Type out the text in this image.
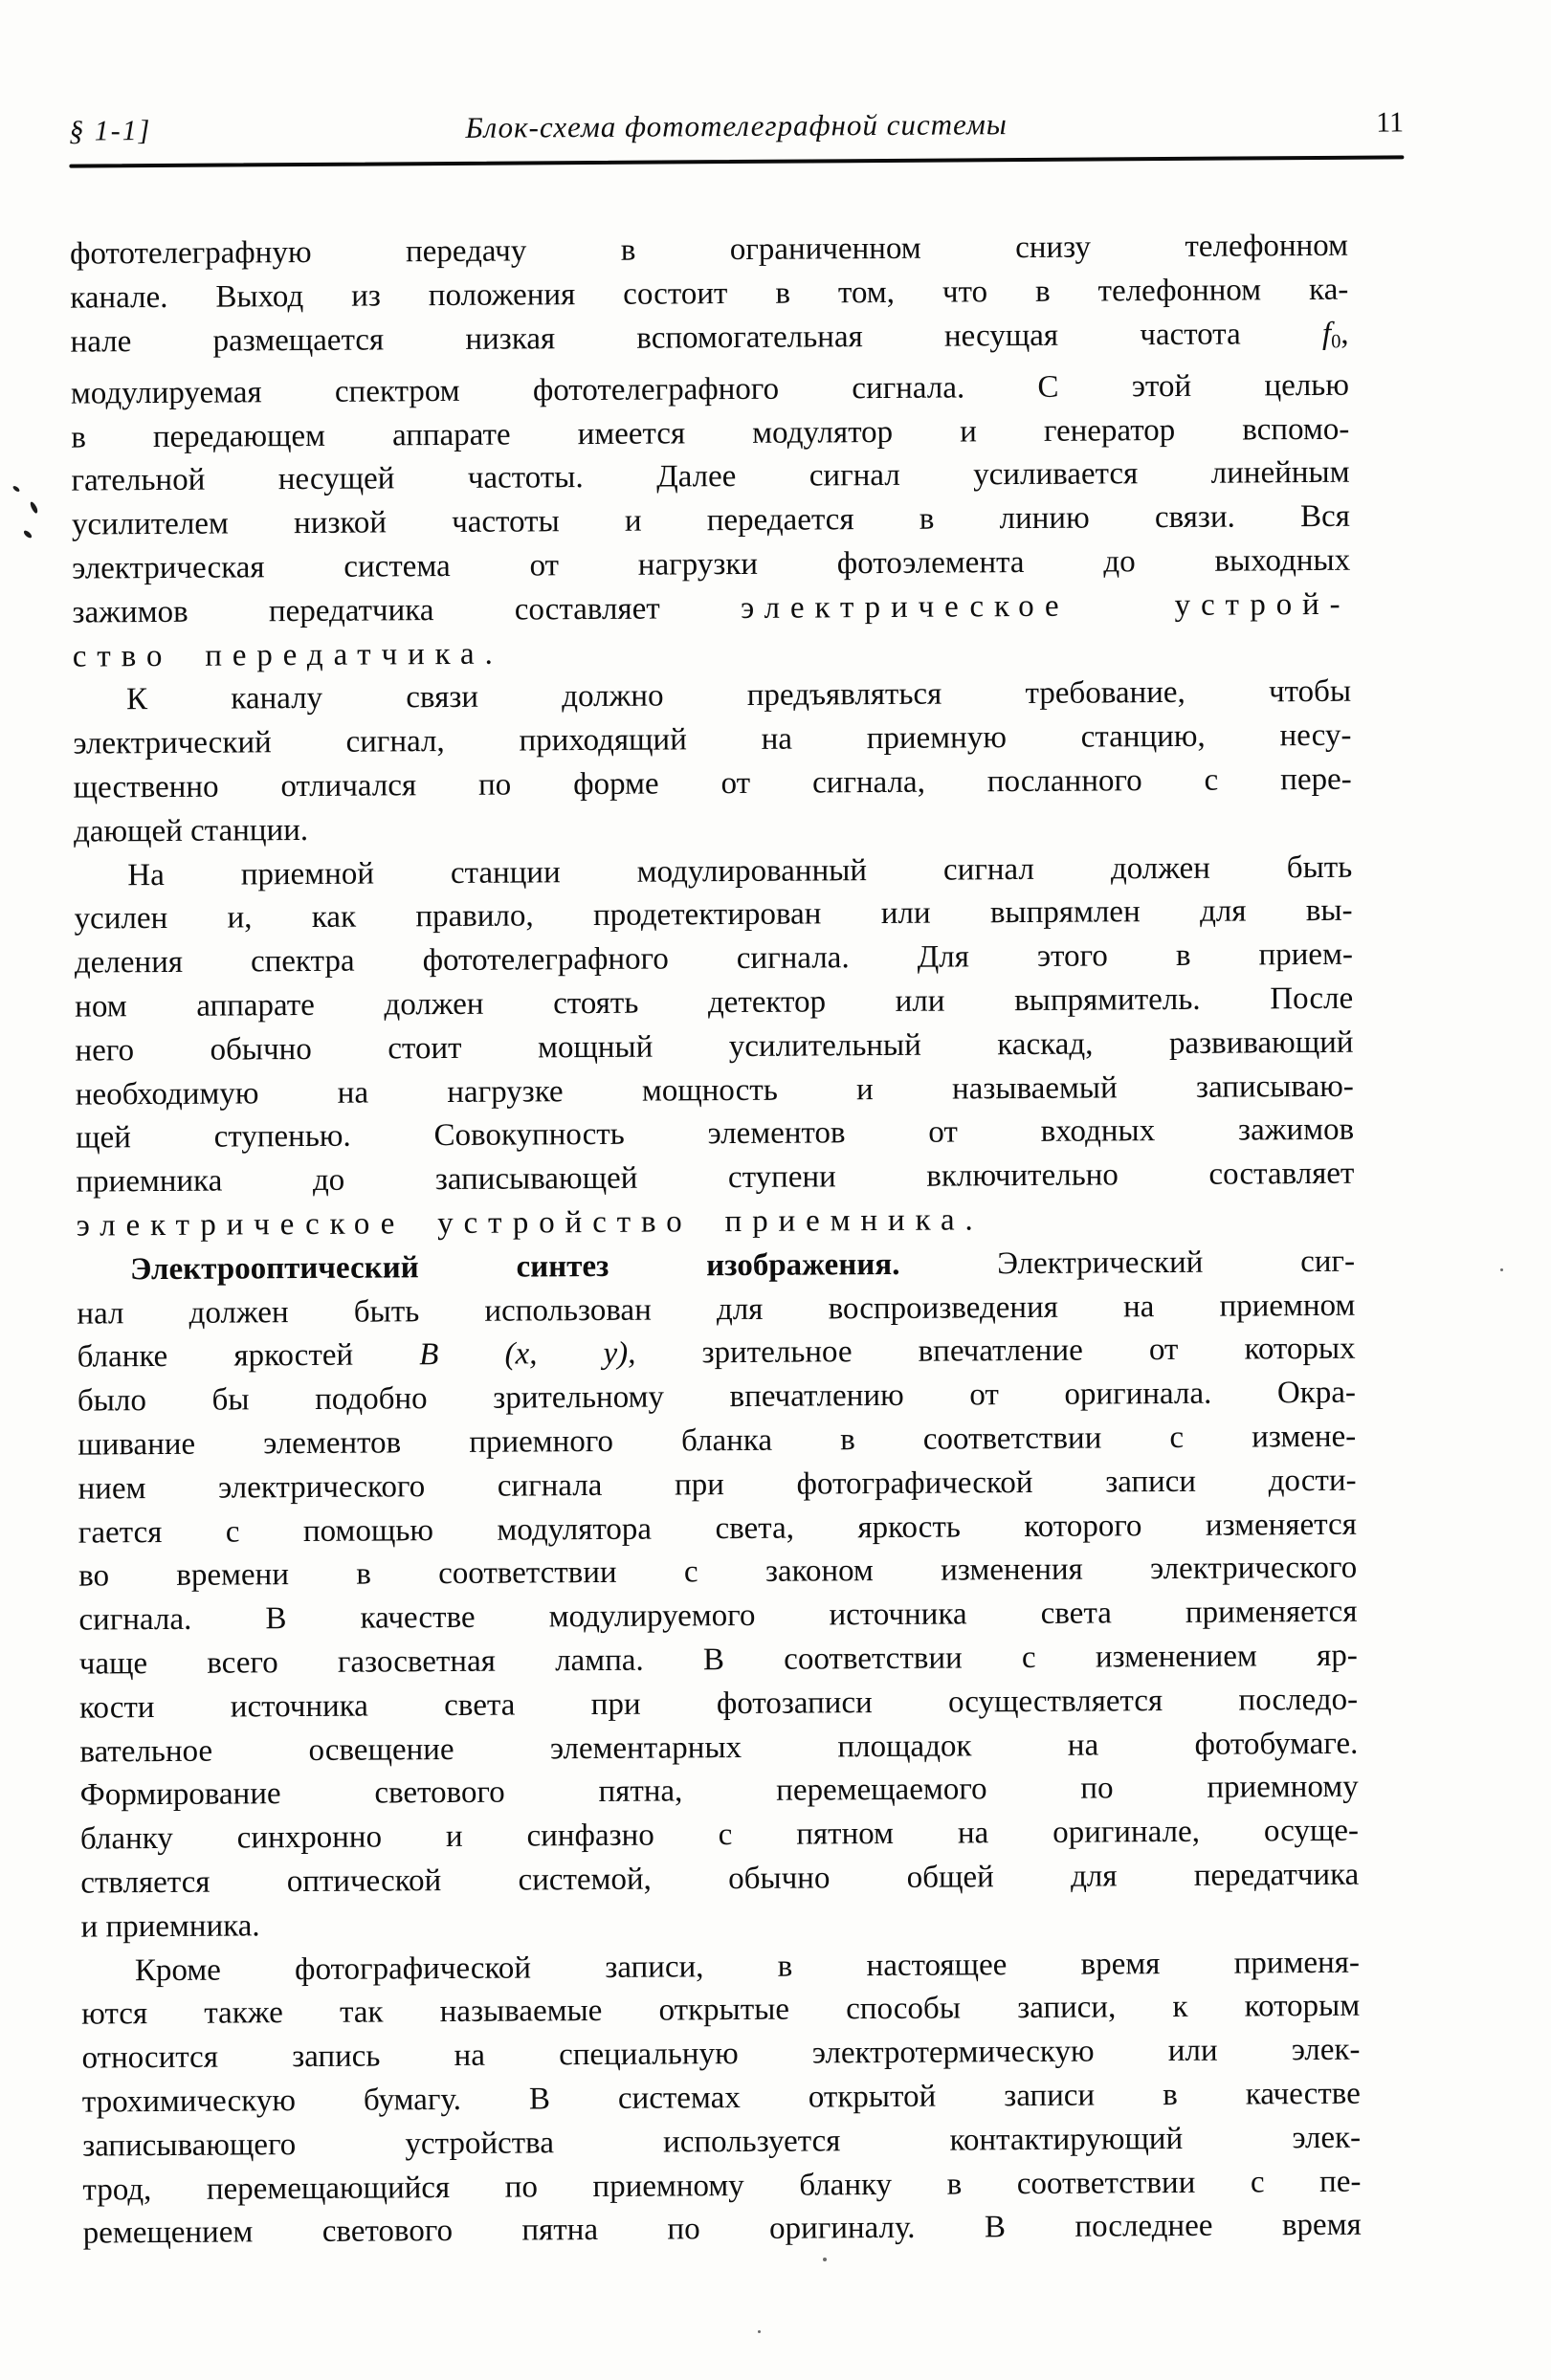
§ 1-1]	Блок-схема фототелеграфной системы	11
фототелеграфную передачу в ограниченном снизу телефонном
канале. Выход из положения состоит в том, что в телефонном ка-
нале размещается низкая вспомогательная несущая частота f0,
модулируемая спектром фототелеграфного сигнала. С этой целью
в передающем аппарате имеется модулятор и генератор вспомо-
гательной несущей частоты. Далее сигнал усиливается линейным
усилителем низкой частоты и передается в линию связи. Вся
электрическая система от нагрузки фотоэлемента до выходных
зажимов передатчика составляет электрическое устрой-
ство передатчика.
К каналу связи должно предъявляться требование, чтобы
электрический сигнал, приходящий на приемную станцию, несу-
щественно отличался по форме от сигнала, посланного с пере-
дающей станции.
На приемной станции модулированный сигнал должен быть
усилен и, как правило, продетектирован или выпрямлен для вы-
деления спектра фототелеграфного сигнала. Для этого в прием-
ном аппарате должен стоять детектор или выпрямитель. После
него обычно стоит мощный усилительный каскад, развивающий
необходимую на нагрузке мощность и называемый записываю-
щей ступенью. Совокупность элементов от входных зажимов
приемника до записывающей ступени включительно составляет
электрическое устройство приемника.
Электрооптический синтез изображения. Электрический сиг-
нал должен быть использован для воспроизведения на приемном
бланке яркостей B (x, y), зрительное впечатление от которых
было бы подобно зрительному впечатлению от оригинала. Окра-
шивание элементов приемного бланка в соответствии с измене-
нием электрического сигнала при фотографической записи дости-
гается с помощью модулятора света, яркость которого изменяется
во времени в соответствии с законом изменения электрического
сигнала. В качестве модулируемого источника света применяется
чаще всего газосветная лампа. В соответствии с изменением яр-
кости источника света при фотозаписи осуществляется последо-
вательное освещение элементарных площадок на фотобумаге.
Формирование светового пятна, перемещаемого по приемному
бланку синхронно и синфазно с пятном на оригинале, осуще-
ствляется оптической системой, обычно общей для передатчика
и приемника.
Кроме фотографической записи, в настоящее время применя-
ются также так называемые открытые способы записи, к которым
относится запись на специальную электротермическую или элек-
трохимическую бумагу. В системах открытой записи в качестве
записывающего устройства используется контактирующий элек-
трод, перемещающийся по приемному бланку в соответствии с пе-
ремещением светового пятна по оригиналу. В последнее время
